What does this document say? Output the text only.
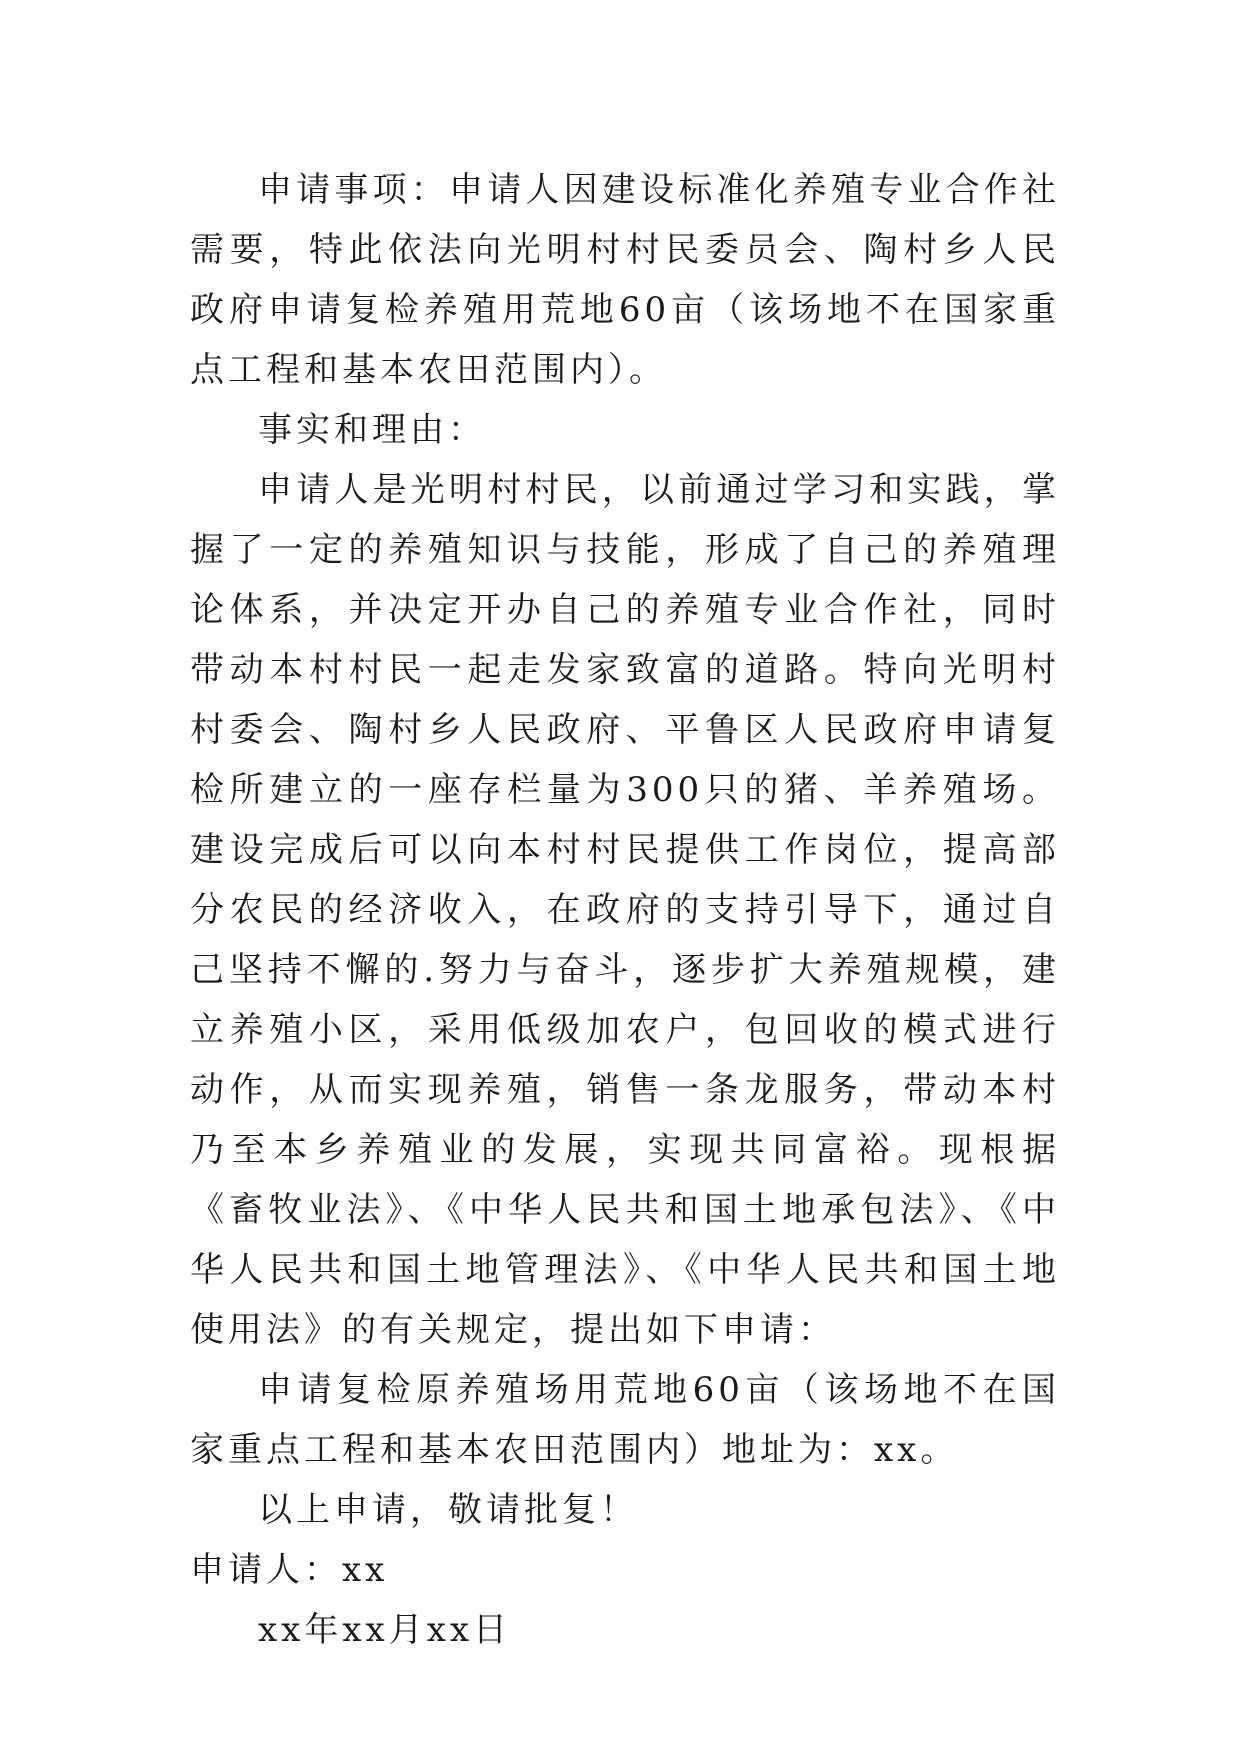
申请事项：申请人因建设标准化养殖专业合作社需要，特此依法向光明村村民委员会、陶村乡人民政府申请复检养殖用荒地60亩（该场地不在国家重点工程和基本农田范围内）。

事实和理由：

申请人是光明村村民，以前通过学习和实践，掌握了一定的养殖知识与技能，形成了自己的养殖理论体系，并决定开办自己的养殖专业合作社，同时带动本村村民一起走发家致富的道路。特向光明村村委会、陶村乡人民政府、平鲁区人民政府申请复检所建立的一座存栏量为300只的猪、羊养殖场。建设完成后可以向本村村民提供工作岗位，提高部分农民的经济收入，在政府的支持引导下，通过自己坚持不懈的.努力与奋斗，逐步扩大养殖规模，建立养殖小区，采用低级加农户，包回收的模式进行动作，从而实现养殖，销售一条龙服务，带动本村乃至本乡养殖业的发展，实现共同富裕。现根据《畜牧业法》、《中华人民共和国土地承包法》、《中华人民共和国土地管理法》、《中华人民共和国土地使用法》的有关规定，提出如下申请：

申请复检原养殖场用荒地60亩（该场地不在国家重点工程和基本农田范围内）地址为：xx。

以上申请，敬请批复！

申请人：xx

xx年xx月xx日
